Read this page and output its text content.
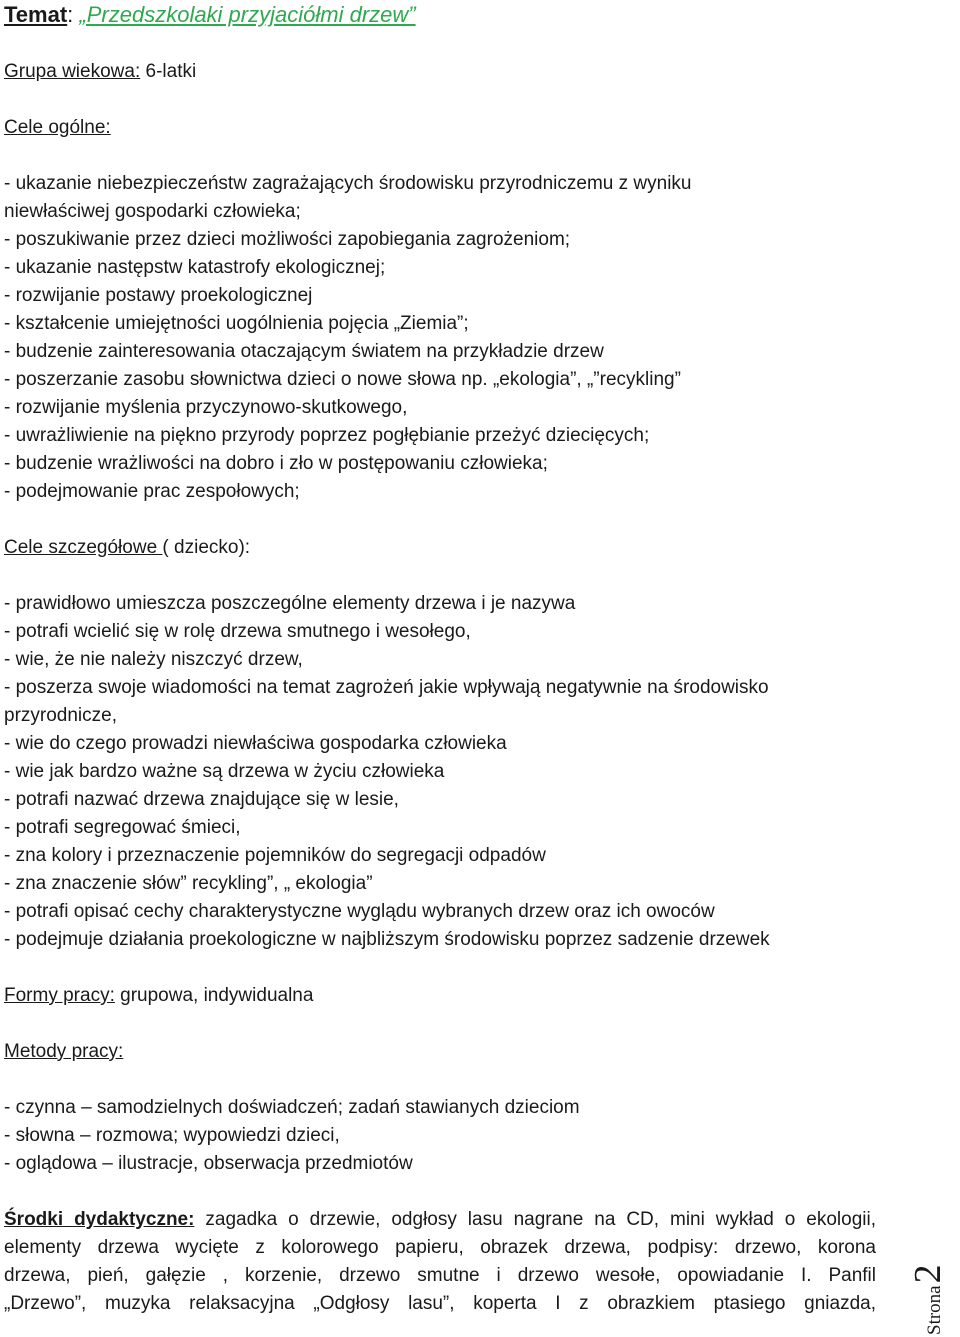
Temat: „Przedszkolaki przyjaciółmi drzew”
Grupa wiekowa: 6-latki
Cele ogólne:
- ukazanie niebezpieczeństw zagrażających środowisku przyrodniczemu z wyniku
niewłaściwej gospodarki człowieka;
- poszukiwanie przez dzieci możliwości zapobiegania zagrożeniom;
- ukazanie następstw katastrofy ekologicznej;
- rozwijanie postawy proekologicznej
- kształcenie umiejętności uogólnienia pojęcia „Ziemia”;
- budzenie zainteresowania otaczającym światem na przykładzie drzew
- poszerzanie zasobu słownictwa dzieci o nowe słowa np. „ekologia”, „”recykling”
- rozwijanie myślenia przyczynowo-skutkowego,
- uwrażliwienie na piękno przyrody poprzez pogłębianie przeżyć dziecięcych;
- budzenie wrażliwości na dobro i zło w postępowaniu człowieka;
- podejmowanie prac zespołowych;
Cele szczegółowe ( dziecko):
- prawidłowo umieszcza poszczególne elementy drzewa i je nazywa
- potrafi wcielić się w rolę drzewa smutnego i wesołego,
- wie, że nie należy niszczyć drzew,
- poszerza swoje wiadomości na temat zagrożeń jakie wpływają negatywnie na środowisko
przyrodnicze,
- wie do czego prowadzi niewłaściwa gospodarka człowieka
- wie jak bardzo ważne są drzewa w życiu człowieka
- potrafi nazwać drzewa znajdujące się w lesie,
- potrafi segregować śmieci,
- zna kolory i przeznaczenie pojemników do segregacji odpadów
- zna znaczenie słów” recykling”, „ ekologia”
- potrafi opisać cechy charakterystyczne wyglądu wybranych drzew oraz ich owoców
- podejmuje działania proekologiczne w najbliższym środowisku poprzez sadzenie drzewek
Formy pracy: grupowa, indywidualna
Metody pracy:
- czynna – samodzielnych doświadczeń; zadań stawianych dzieciom
- słowna – rozmowa; wypowiedzi dzieci,
- oglądowa – ilustracje, obserwacja przedmiotów
Środki dydaktyczne: zagadka o drzewie, odgłosy lasu nagrane na CD, mini wykład o ekologii,
elementy drzewa wycięte z kolorowego papieru, obrazek drzewa, podpisy: drzewo, korona
drzewa, pień, gałęzie , korzenie, drzewo smutne i drzewo wesołe, opowiadanie I. Panfil
„Drzewo”, muzyka relaksacyjna „Odgłosy lasu”, koperta I z obrazkiem ptasiego gniazda,	Strona2
